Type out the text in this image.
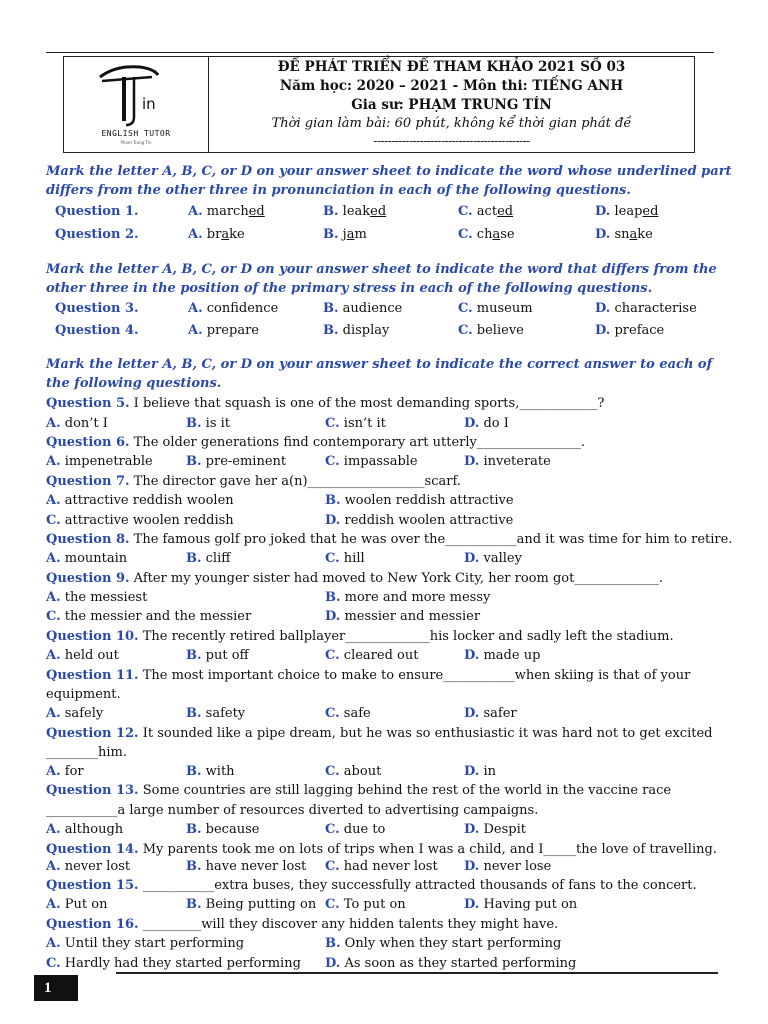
in
ENGLISH TUTOR
Phạm Trung Tín
ĐỀ PHÁT TRIỂN ĐỀ THAM KHẢO 2021 SỐ 03
Năm học: 2020 – 2021 - Môn thi: TIẾNG ANH
Gia sư: PHẠM TRUNG TÍN
Thời gian làm bài: 60 phút, không kể thời gian phát đề
--------------------------------------------
Mark the letter A, B, C, or D on your answer sheet to indicate the word whose underlined part differs from the other three in pronunciation in each of the following questions.
Question 1.	A. marched	B. leaked	C. acted	D. leaped
Question 2.	A. brake	B. jam	C. chase	D. snake
Mark the letter A, B, C, or D on your answer sheet to indicate the word that differs from the other three in the position of the primary stress in each of the following questions.
Question 3.	A. confidence	B. audience	C. museum	D. characterise
Question 4.	A. prepare	B. display	C. believe	D. preface
Mark the letter A, B, C, or D on your answer sheet to indicate the correct answer to each of the following questions.
Question 5. I believe that squash is one of the most demanding sports,____________?
A. don’t I	B. is it	C. isn’t it	D. do I
Question 6. The older generations find contemporary art utterly________________.
A. impenetrable	B. pre-eminent	C. impassable	D. inveterate
Question 7. The director gave her a(n)__________________scarf.
A. attractive reddish woolen	B. woolen reddish attractive
C. attractive woolen reddish	D. reddish woolen attractive
Question 8. The famous golf pro joked that he was over the___________and it was time for him to retire.
A. mountain	B. cliff	C. hill	D. valley
Question 9. After my younger sister had moved to New York City, her room got_____________.
A. the messiest	B. more and more messy
C. the messier and the messier	D. messier and messier
Question 10. The recently retired ballplayer_____________his locker and sadly left the stadium.
A. held out	B. put off	C. cleared out	D. made up
Question 11. The most important choice to make to ensure___________when skiing is that of your
equipment.
A. safely	B. safety	C. safe	D. safer
Question 12. It sounded like a pipe dream, but he was so enthusiastic it was hard not to get excited
________him.
A. for	B. with	C. about	D. in
Question 13. Some countries are still lagging behind the rest of the world in the vaccine race
___________a large number of resources diverted to advertising campaigns.
A. although	B. because	C. due to	D. Despit
Question 14. My parents took me on lots of trips when I was a child, and I_____the love of travelling.
A. never lost	B. have never lost C. had never lost D. never lose
Question 15. ___________extra buses, they successfully attracted thousands of fans to the concert.
A. Put on	B. Being putting on C. To put on	D. Having put on
Question 16. _________will they discover any hidden talents they might have.
A. Until they start performing	B. Only when they start performing
C. Hardly had they started performing D. As soon as they started performing
1
